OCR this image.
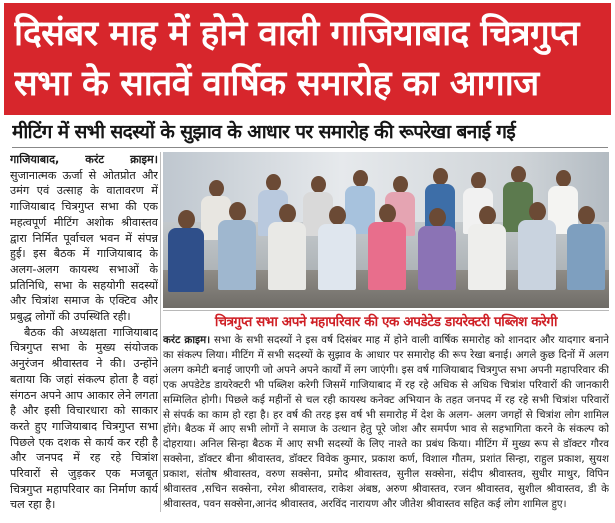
दिसंबर माह में होने वाली गाजियाबाद चित्रगुप्त
सभा के सातवें वार्षिक समारोह का आगाज
मीटिंग में सभी सदस्यों के सुझाव के आधार पर समारोह की रूपरेखा बनाई गई

गाजियाबाद, करंट क्राइम। सुजानात्मक ऊर्जा से ओतप्रोत और उमंग एवं उत्साह के वातावरण में गाजियाबाद चित्रगुप्त सभा की एक महत्वपूर्ण मीटिंग अशोक श्रीवास्तव द्वारा निर्मित पूर्वाचल भवन में संपन्न हुई। इस बैठक में गाजियाबाद के अलग-अलग कायस्थ सभाओं के प्रतिनिधि, सभा के सहयोगी सदस्यों और चित्रांश समाज के एक्टिव और प्रबुद्ध लोगों की उपस्थिति रही।

बैठक की अध्यक्षता गाजियाबाद चित्रगुप्त सभा के मुख्य संयोजक अनुरंजन श्रीवास्तव ने की। उन्होंने बताया कि जहां संकल्प होता है वहां संगठन अपने आप आकार लेने लगता है और इसी विचारधारा को साकार करते हुए गाजियाबाद चित्रगुप्त सभा पिछले एक दशक से कार्य कर रही है और जनपद में रह रहे चित्रांश परिवारों से जुड़कर एक मजबूत चित्रगुप्त महापरिवार का निर्माण कार्य चल रहा है।

चित्रगुप्त सभा अपने महापरिवार की एक अपडेटेड डायरेक्टरी पब्लिश करेगी
करंट क्राइम। सभा के सभी सदस्यों ने इस वर्ष दिसंबर माह में होने वाली वार्षिक समारोह को शानदार और यादगार बनाने का संकल्प लिया। मीटिंग में सभी सदस्यों के सुझाव के आधार पर समारोह की रूप रेखा बनाई। अगले कुछ दिनों में अलग अलग कमेटी बनाई जाएगी जो अपने अपने कार्यों में लग जाएंगी। इस वर्ष गाजियाबाद चित्रगुप्त सभा अपनी महापरिवार की एक अपडेटेड डायरेक्टरी भी पब्लिश करेगी जिसमें गाजियाबाद में रह रहे अधिक से अधिक चित्रांश परिवारों की जानकारी सम्मिलित होगी। पिछले कई महीनों से चल रही कायस्थ कनेक्ट अभियान के तहत जनपद में रह रहे सभी चित्रांश परिवारों से संपर्क का काम हो रहा है। हर वर्ष की तरह इस वर्ष भी समारोह में देश के अलग- अलग जगहों से चित्रांश लोग शामिल होंगे। बैठक में आए सभी लोगों ने समाज के उत्थान हेतु पूरे जोश और समर्पण भाव से सहभागिता करने के संकल्प को दोहराया। अनिल सिन्हा बैठक में आए सभी सदस्यों के लिए नाश्ते का प्रबंध किया। मीटिंग में मुख्य रूप से डॉक्टर गौरव सक्सेना, डॉक्टर बीना श्रीवास्तव, डॉक्टर विवेक कुमार, प्रकाश कर्ण, विशाल गौतम, प्रशांत सिन्हा, राहुल प्रकाश, सुयश प्रकाश, संतोष श्रीवास्तव, वरुण सक्सेना, प्रमोद श्रीवास्तव, सुनील सक्सेना, संदीप श्रीवास्तव, सुधीर माथुर, विपिन श्रीवास्तव ,सचिन सक्सेना, रमेश श्रीवास्तव, राकेश अंबष्ठ, अरुण श्रीवास्तव, रजन श्रीवास्तव, सुशील श्रीवास्तव, डी के श्रीवास्तव, पवन सक्सेना,आनंद श्रीवास्तव, अरविंद नारायण और जीतेश श्रीवास्तव सहित कई लोग शामिल हुए।
